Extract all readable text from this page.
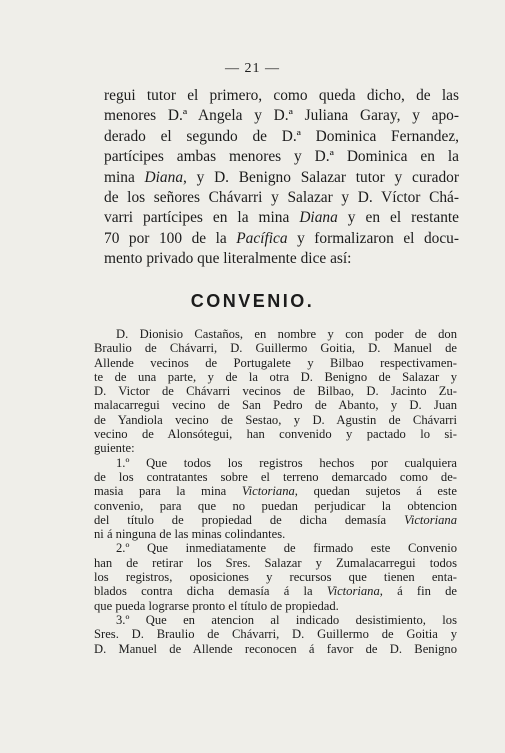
— 21 —
regui tutor el primero, como queda dicho, de las
menores D.ª Angela y D.ª Juliana Garay, y apo-
derado el segundo de D.ª Dominica Fernandez,
partícipes ambas menores y D.ª Dominica en la
mina Diana, y D. Benigno Salazar tutor y curador
de los señores Chávarri y Salazar y D. Víctor Chá-
varri partícipes en la mina Diana y en el restante
70 por 100 de la Pacífica y formalizaron el docu-
mento privado que literalmente dice así:
CONVENIO.
D. Dionisio Castaños, en nombre y con poder de don
Braulio de Chávarri, D. Guillermo Goitia, D. Manuel de
Allende vecinos de Portugalete y Bilbao respectivamen-
te de una parte, y de la otra D. Benigno de Salazar y
D. Victor de Chávarri vecinos de Bilbao, D. Jacinto Zu-
malacarregui vecino de San Pedro de Abanto, y D. Juan
de Yandiola vecino de Sestao, y D. Agustin de Chávarri
vecino de Alonsótegui, han convenido y pactado lo si-
guiente:
1.º Que todos los registros hechos por cualquiera
de los contratantes sobre el terreno demarcado como de-
masia para la mina Victoriana, quedan sujetos á este
convenio, para que no puedan perjudicar la obtencion
del título de propiedad de dicha demasía Victoriana
ni á ninguna de las minas colindantes.
2.º Que inmediatamente de firmado este Convenio
han de retirar los Sres. Salazar y Zumalacarregui todos
los registros, oposiciones y recursos que tienen enta-
blados contra dicha demasía á la Victoriana, á fin de
que pueda lograrse pronto el título de propiedad.
3.º Que en atencion al indicado desistimiento, los
Sres. D. Braulio de Chávarri, D. Guillermo de Goitia y
D. Manuel de Allende reconocen á favor de D. Benigno
